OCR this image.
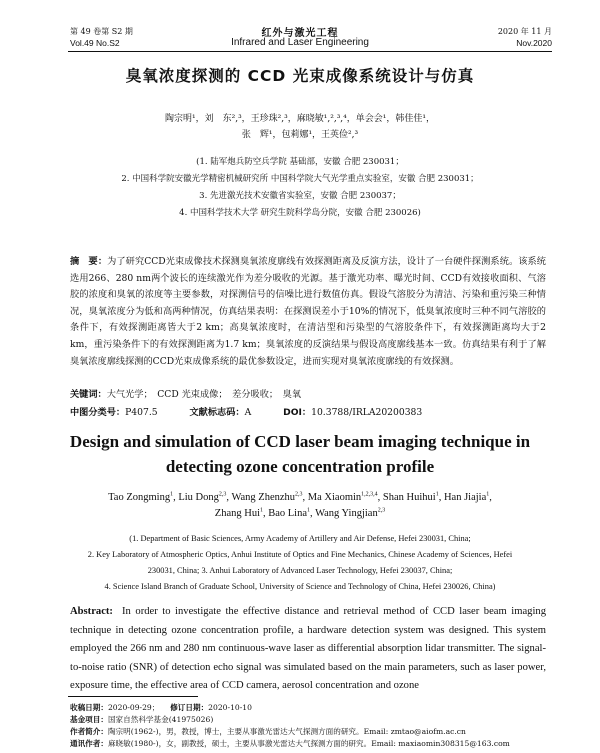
第 49 卷第 S2 期
Vol.49 No.S2
红外与激光工程
Infrared and Laser Engineering
2020 年 11 月
Nov.2020
臭氧浓度探测的 CCD 光束成像系统设计与仿真
陶宗明¹，刘　东²,³，王珍珠²,³，麻晓敏¹,²,³,⁴，单会会¹，韩佳佳¹，
张　辉¹，包莉娜¹，王英俭²,³
(1. 陆军炮兵防空兵学院 基础部，安徽 合肥 230031；
2. 中国科学院安徽光学精密机械研究所 中国科学院大气光学重点实验室，安徽 合肥 230031；
3. 先进激光技术安徽省实验室，安徽 合肥 230037；
4. 中国科学技术大学 研究生院科学岛分院，安徽 合肥 230026)
摘　要：为了研究CCD光束成像技术探测臭氧浓度廓线有效探测距离及反演方法，设计了一台硬件探测系统。该系统选用266、280 nm两个波长的连续激光作为差分吸收的光源。基于激光功率、曝光时间、CCD有效接收面积、气溶胶的浓度和臭氧的浓度等主要参数，对探测信号的信噪比进行数值仿真。假设气溶胶分为清洁、污染和重污染三种情况，臭氧浓度分为低和高两种情况，仿真结果表明：在探测误差小于10%的情况下，低臭氧浓度时三种不同气溶胶的条件下，有效探测距离皆大于2 km；高臭氧浓度时，在清洁型和污染型的气溶胶条件下，有效探测距离均大于2 km，重污染条件下的有效探测距离为1.7 km；臭氧浓度的反演结果与假设高度廓线基本一致。仿真结果有利于了解臭氧浓度廓线探测的CCD光束成像系统的最优参数设定，进而实现对臭氧浓度廓线的有效探测。
关键词：大气光学；　CCD 光束成像；　差分吸收；　臭氧
中图分类号：P407.5	文献标志码：A	DOI：10.3788/IRLA20200383
Design and simulation of CCD laser beam imaging technique in
detecting ozone concentration profile
Tao Zongming$^1$, Liu Dong$^{2,3}$, Wang Zhenzhu$^{2,3}$, Ma Xiaomin$^{1,2,3,4}$, Shan Huihui$^1$, Han Jiajia$^1$,
Zhang Hui$^1$, Bao Lina$^1$, Wang Yingjian$^{2,3}$
(1. Department of Basic Sciences, Army Academy of Artillery and Air Defense, Hefei 230031, China;
2. Key Laboratory of Atmospheric Optics, Anhui Institute of Optics and Fine Mechanics, Chinese Academy of Sciences, Hefei
230031, China; 3. Anhui Laboratory of Advanced Laser Technology, Hefei 230037, China;
4. Science Island Branch of Graduate School, University of Science and Technology of China, Hefei 230026, China)
Abstract: In order to investigate the effective distance and retrieval method of CCD laser beam imaging technique in detecting ozone concentration profile, a hardware detection system was designed. This system employed the 266 nm and 280 nm continuous-wave laser as differential absorption lidar transmitter. The signal-to-noise ratio (SNR) of detection echo signal was simulated based on the main parameters, such as laser power, exposure time, the effective area of CCD camera, aerosol concentration and ozone
收稿日期：2020-09-29； 修订日期：2020-10-10
基金项目：国家自然科学基金(41975026)
作者简介：陶宗明(1962-)，男，教授，博士，主要从事激光雷达大气探测方面的研究。Email: zmtao@aiofm.ac.cn
通讯作者：麻晓敏(1980-)，女，副教授，硕士，主要从事激光雷达大气探测方面的研究。Email: maxiaomin308315@163.com
